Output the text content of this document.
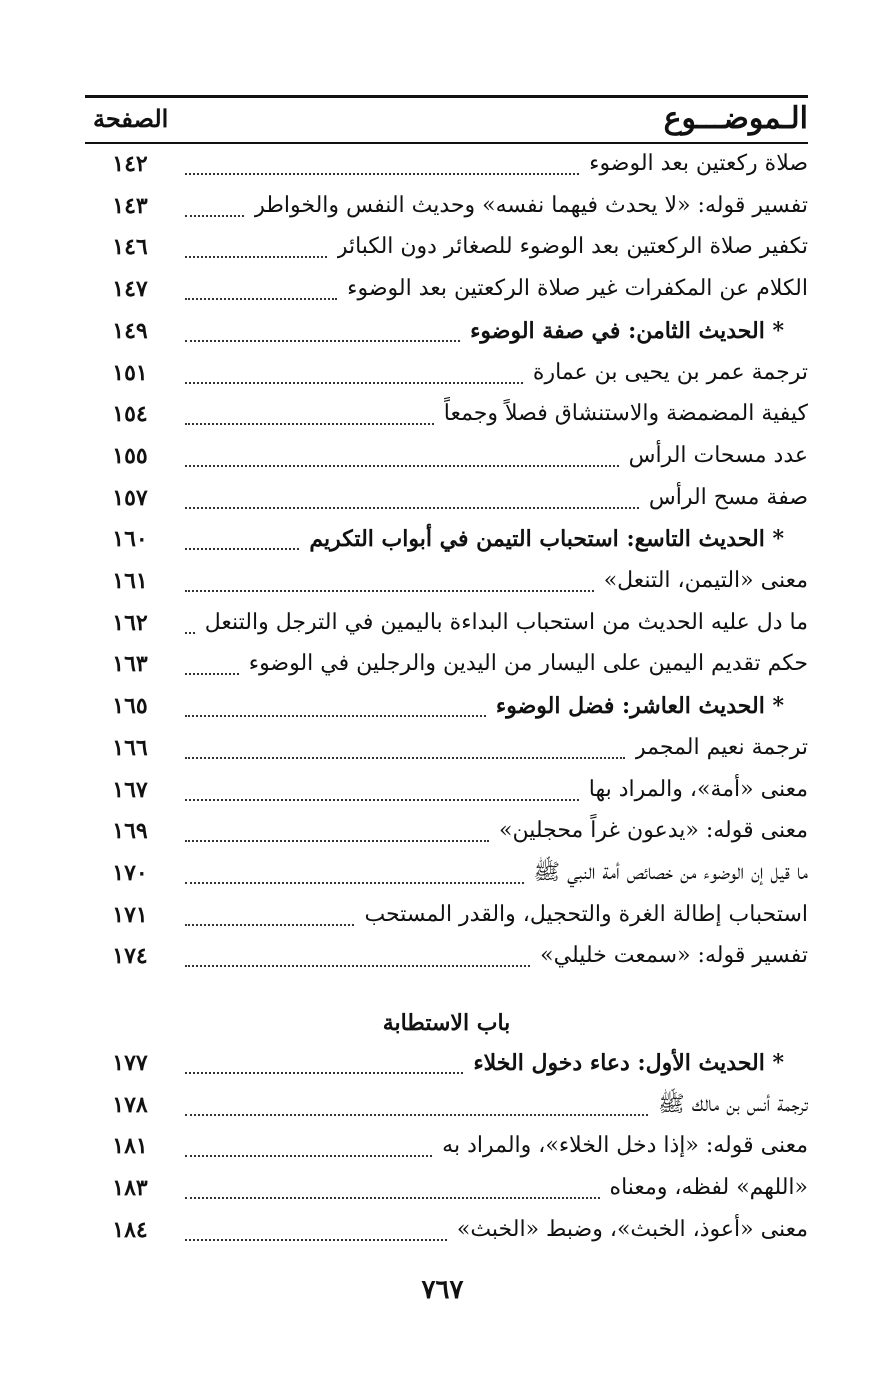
الـموضـــوع
الصفحة
صلاة ركعتين بعد الوضوء
١٤٢
تفسير قوله: «لا يحدث فيهما نفسه» وحديث النفس والخواطر
١٤٣
تكفير صلاة الركعتين بعد الوضوء للصغائر دون الكبائر
١٤٦
الكلام عن المكفرات غير صلاة الركعتين بعد الوضوء
١٤٧
* الحديث الثامن: في صفة الوضوء
١٤٩
ترجمة عمر بن يحيى بن عمارة
١٥١
كيفية المضمضة والاستنشاق فصلاً وجمعاً
١٥٤
عدد مسحات الرأس
١٥٥
صفة مسح الرأس
١٥٧
* الحديث التاسع: استحباب التيمن في أبواب التكريم
١٦٠
معنى «التيمن، التنعل»
١٦١
ما دل عليه الحديث من استحباب البداءة باليمين في الترجل والتنعل
١٦٢
حكم تقديم اليمين على اليسار من اليدين والرجلين في الوضوء
١٦٣
* الحديث العاشر: فضل الوضوء
١٦٥
ترجمة نعيم المجمر
١٦٦
معنى «أمة»، والمراد بها
١٦٧
معنى قوله: «يدعون غراً محجلين»
١٦٩
ما قيل إن الوضوء من خصائص أمة النبي ﷺ
١٧٠
استحباب إطالة الغرة والتحجيل، والقدر المستحب
١٧١
تفسير قوله: «سمعت خليلي»
١٧٤
باب الاستطابة
* الحديث الأول: دعاء دخول الخلاء
١٧٧
ترجمة أنس بن مالك ﷺ
١٧٨
معنى قوله: «إذا دخل الخلاء»، والمراد به
١٨١
«اللهم» لفظه، ومعناه
١٨٣
معنى «أعوذ، الخبث»، وضبط «الخبث»
١٨٤
٧٦٧
